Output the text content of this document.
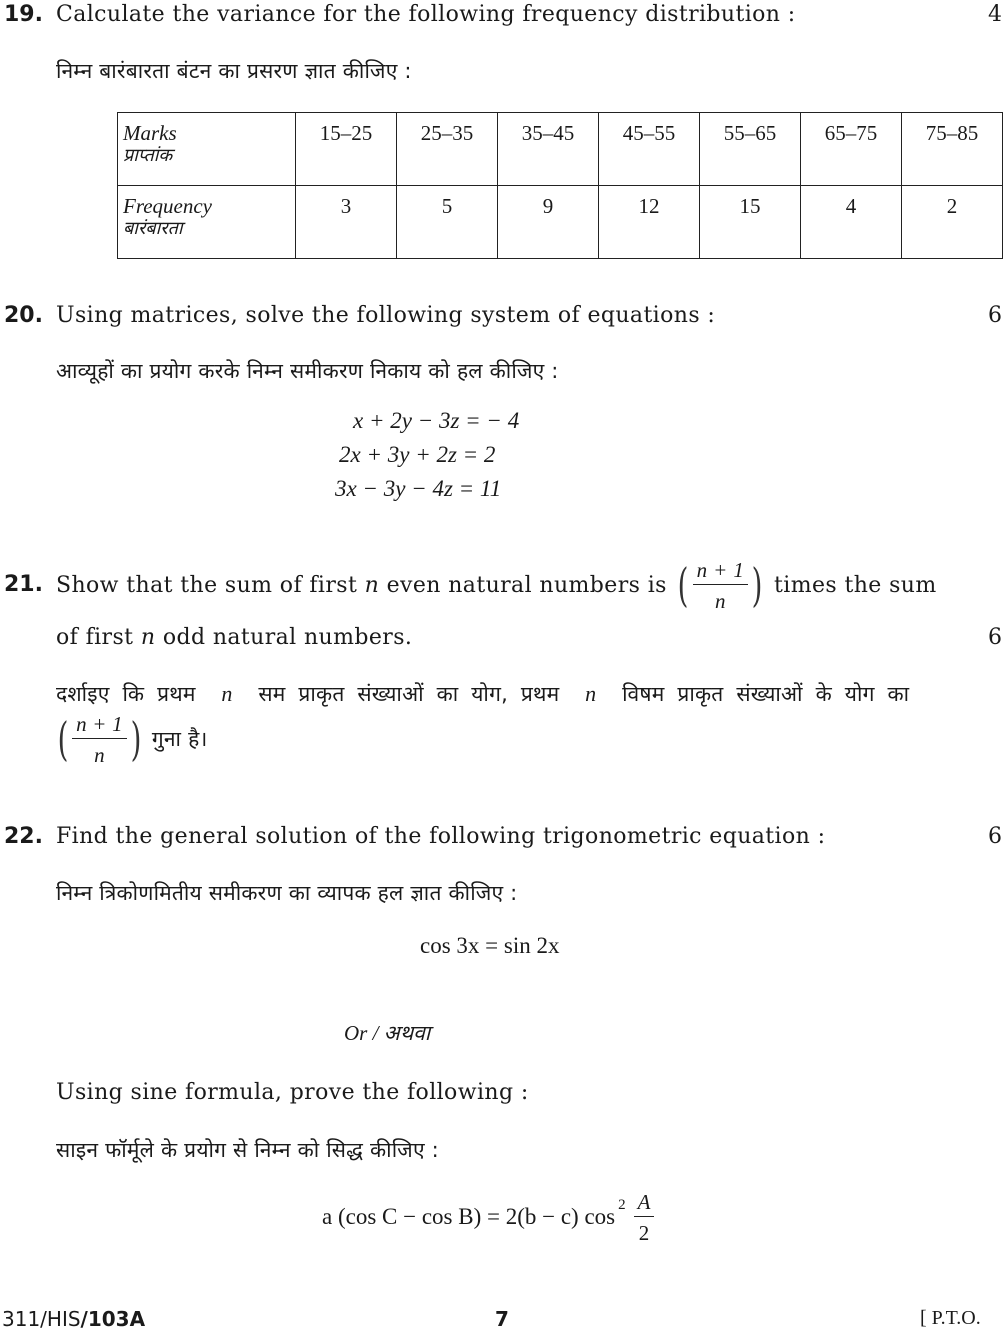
19. Calculate the variance for the following frequency distribution :	4
निम्न बारंबारता बंटन का प्रसरण ज्ञात कीजिए :
Marks
प्राप्तांक	15–25	25–35	35–45	45–55	55–65	65–75	75–85

Frequency
बारंबारता	3	5	9	12	15	4	2
20. Using matrices, solve the following system of equations :	6
आव्यूहों का प्रयोग करके निम्न समीकरण निकाय को हल कीजिए :
x + 2y − 3z = − 4
2x + 3y + 2z = 2
3x − 3y − 4z = 11
21. Show that the sum of first
n
even natural numbers is
( $\frac{n + 1}{n}$ )
times the sum
of first n odd natural numbers.	6
दर्शाइए कि प्रथम n सम प्राकृत संख्याओं का योग, प्रथम n विषम प्राकृत संख्याओं के योग का
( $\frac{n + 1}{n}$ )
गुना है।
22. Find the general solution of the following trigonometric equation :	6
निम्न त्रिकोणमितीय समीकरण का व्यापक हल ज्ञात कीजिए :
cos 3x = sin 2x
Or / अथवा
Using sine formula, prove the following :
साइन फॉर्मूले के प्रयोग से निम्न को सिद्ध कीजिए :
a (cos C − cos B) = 2(b − c) $\cos^2 \frac{A}{2}$
311/HIS/103A	7	[ P.T.O.
